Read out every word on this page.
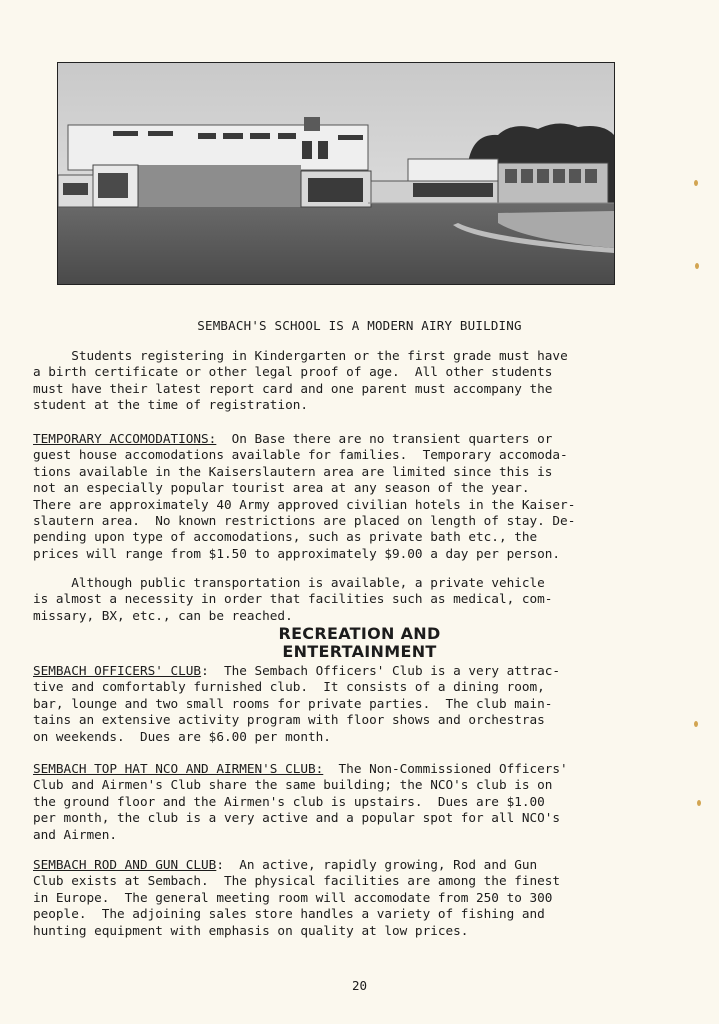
SEMBACH'S SCHOOL IS A MODERN AIRY BUILDING

Students registering in Kindergarten or the first grade must have
a birth certificate or other legal proof of age.  All other students
must have their latest report card and one parent must accompany the
student at the time of registration.

TEMPORARY ACCOMODATIONS:  On Base there are no transient quarters or
guest house accomodations available for families.  Temporary accomoda-
tions available in the Kaiserslautern area are limited since this is
not an especially popular tourist area at any season of the year.
There are approximately 40 Army approved civilian hotels in the Kaiser-
slautern area.  No known restrictions are placed on length of stay. De-
pending upon type of accomodations, such as private bath etc., the
prices will range from $1.50 to approximately $9.00 a day per person.

Although public transportation is available, a private vehicle
is almost a necessity in order that facilities such as medical, com-
missary, BX, etc., can be reached.

RECREATION AND
ENTERTAINMENT

SEMBACH OFFICERS' CLUB:  The Sembach Officers' Club is a very attrac-
tive and comfortably furnished club.  It consists of a dining room,
bar, lounge and two small rooms for private parties.  The club main-
tains an extensive activity program with floor shows and orchestras
on weekends.  Dues are $6.00 per month.

SEMBACH TOP HAT NCO AND AIRMEN'S CLUB:  The Non-Commissioned Officers'
Club and Airmen's Club share the same building; the NCO's club is on
the ground floor and the Airmen's club is upstairs.  Dues are $1.00
per month, the club is a very active and a popular spot for all NCO's
and Airmen.

SEMBACH ROD AND GUN CLUB:  An active, rapidly growing, Rod and Gun
Club exists at Sembach.  The physical facilities are among the finest
in Europe.  The general meeting room will accomodate from 250 to 300
people.  The adjoining sales store handles a variety of fishing and
hunting equipment with emphasis on quality at low prices.

20
